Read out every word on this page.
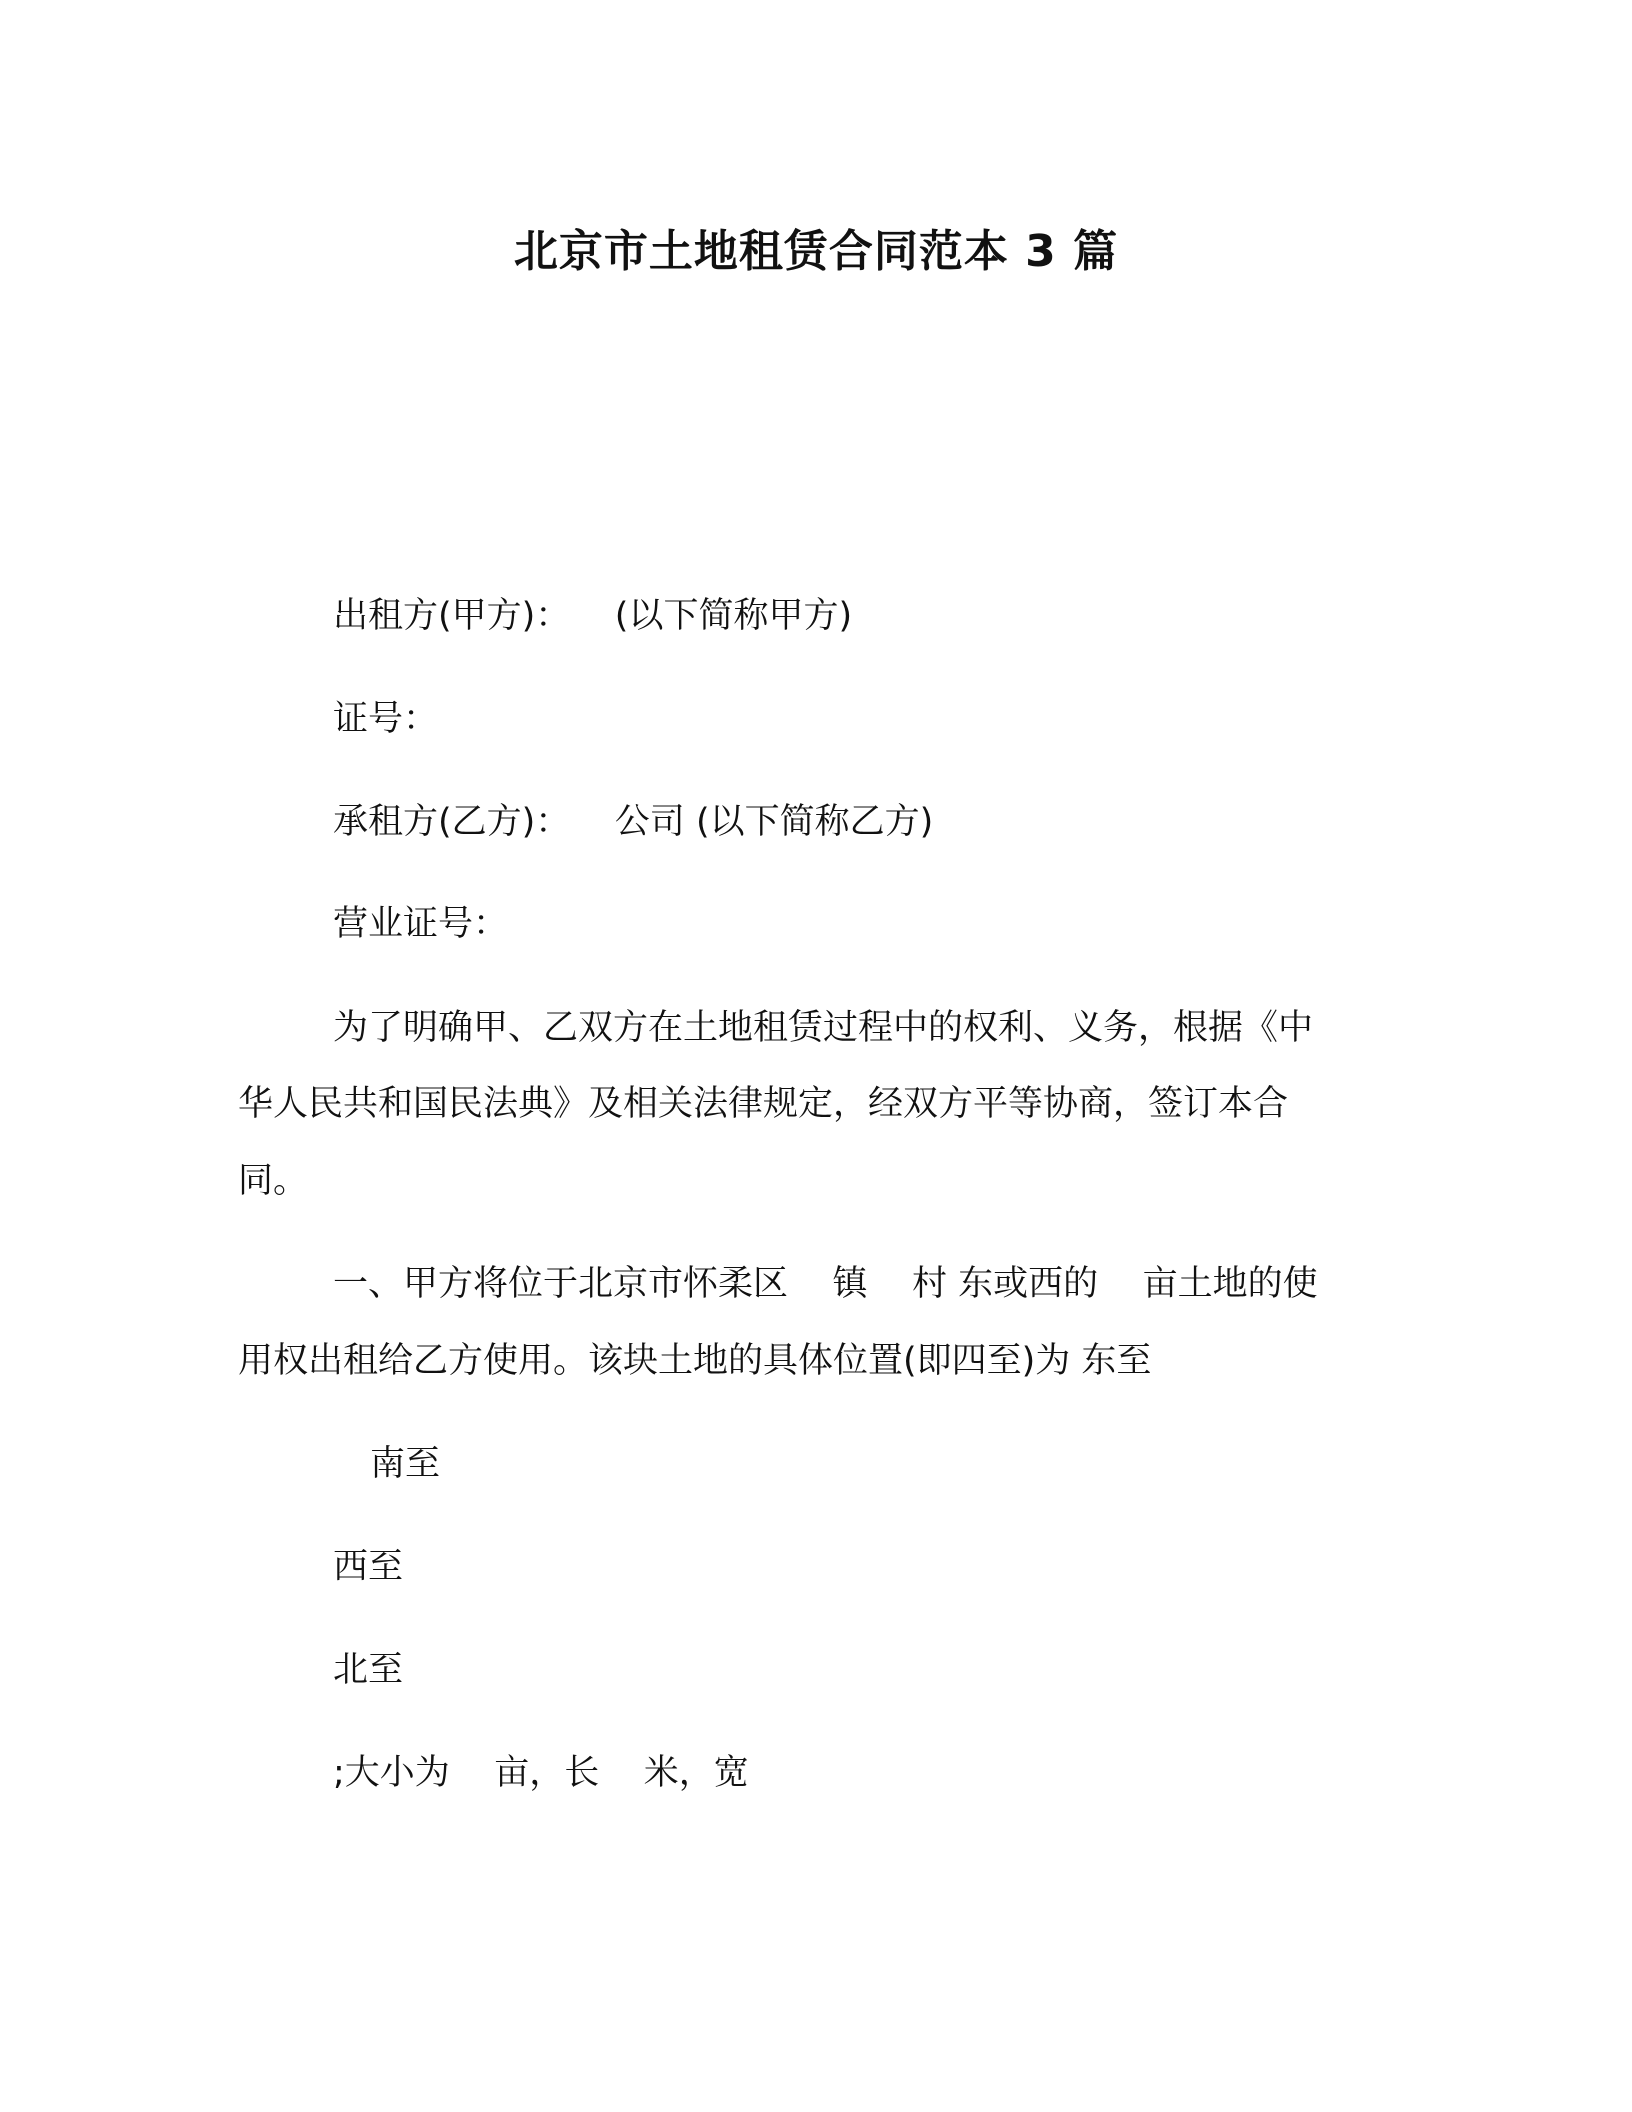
北京市土地租赁合同范本 3 篇
出租方(甲方)：    (以下简称甲方)
证号：
承租方(乙方)：    公司 (以下简称乙方)
营业证号：
为了明确甲、乙双方在土地租赁过程中的权利、义务，根据《中
华人民共和国民法典》及相关法律规定，经双方平等协商，签订本合
同。
一、甲方将位于北京市怀柔区    镇    村 东或西的    亩土地的使
用权出租给乙方使用。该块土地的具体位置(即四至)为 东至
南至
西至
北至
;大小为    亩，长    米，宽
